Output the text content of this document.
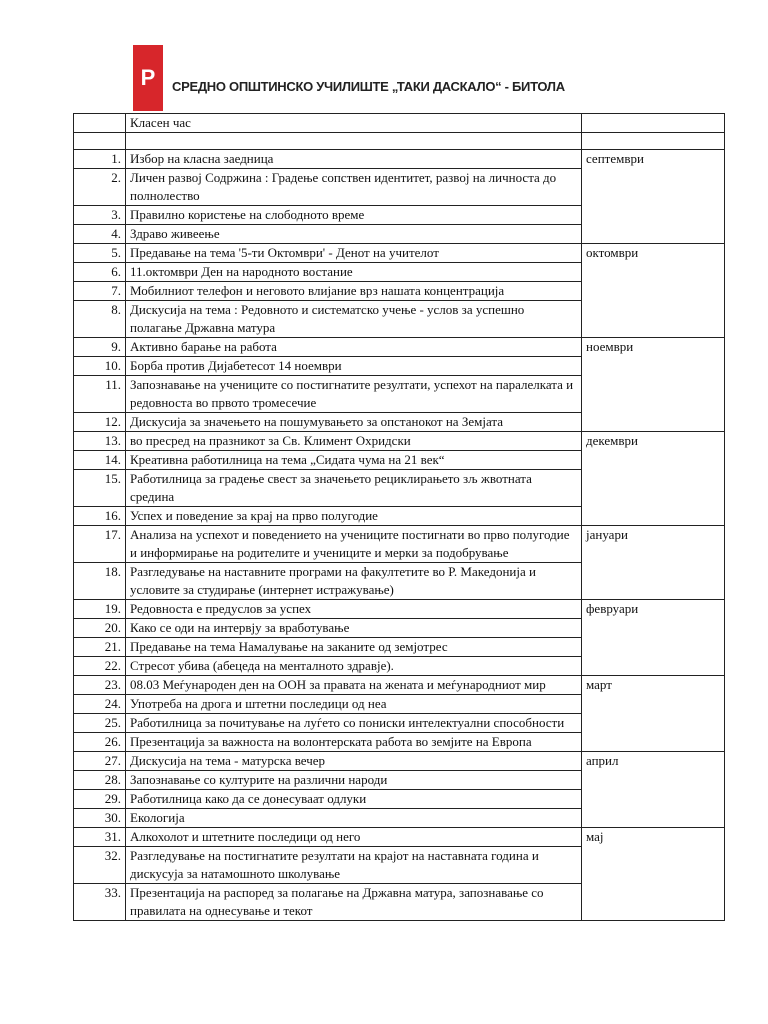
Р СРЕДНО ОПШТИНСКО УЧИЛИШТЕ „ТАКИ ДАСКАЛО“ - БИТОЛА
	Класен час	

1.	Избор на класна заедница	септември
2.	Личен развој Содржина : Градење сопствен идентитет, развој на личноста до полнолество	
3.	Правилно користење на слободното време	
4.	Здраво живеење	
5.	Предавање на тема '5-ти Октомври' - Денот на учителот	октомври
6.	11.октомври Ден на народното востание	
7.	Мобилниот телефон и неговото влијание врз нашата концентрација	
8.	Дискусија на тема : Редовното и систематско учење - услов за успешно полагање Државна матура	
9.	Активно барање на работа	ноември
10.	Борба против Дијабетесот 14 ноември	
11.	Запознавање на учениците со постигнатите резултати, успехот на паралелката и редовноста во првото тромесечие	
12.	Дискусија за значењето на пошумувањето за опстанокот на Земјата	
13.	во пресред на празникот за Св. Климент Охридски	декември
14.	Креативна работилница на тема „Сидата чума на 21 век“	
15.	Работилница за градење свест за значењето рециклирањето зљ жвотната средина	
16.	Успех и поведение за крај на прво полугодие	
17.	Анализа на успехот и поведението на учениците постигнати во прво полугодие и информирање на родителите и учениците и мерки за подобрување	јануари
18.	Разгледување на наставните програми на факултетите во Р. Македонија и условите за студирање (интернет истражување)	
19.	Редовноста е предуслов за успех	февруари
20.	Како се оди на интервју за вработување	
21.	Предавање на тема Намалување на заканите од земјотрес	
22.	Стресот убива (абецеда на менталното здравје).	
23.	08.03 Меѓународен ден на ООН за правата на жената и меѓународниот мир	март
24.	Употреба на дрога и штетни последици од неа	
25.	Работилница за почитување на луѓето со пониски интелектуални способности	
26.	Презентација за важноста на волонтерската работа во земјите на Европа	
27.	Дискусија на тема - матурска вечер	април
28.	Запознавање со културите на различни народи	
29.	Работилница како да се донесуваат одлуки	
30.	Екологија	
31.	Алкохолот и штетните последици од него	мај
32.	Разгледување на постигнатите резултати на крајот на наставната година и дискусуја за натамошното школување	
33.	Презентација на распоред за полагање на Државна матура, запознавање со правилата на однесување и текот	
